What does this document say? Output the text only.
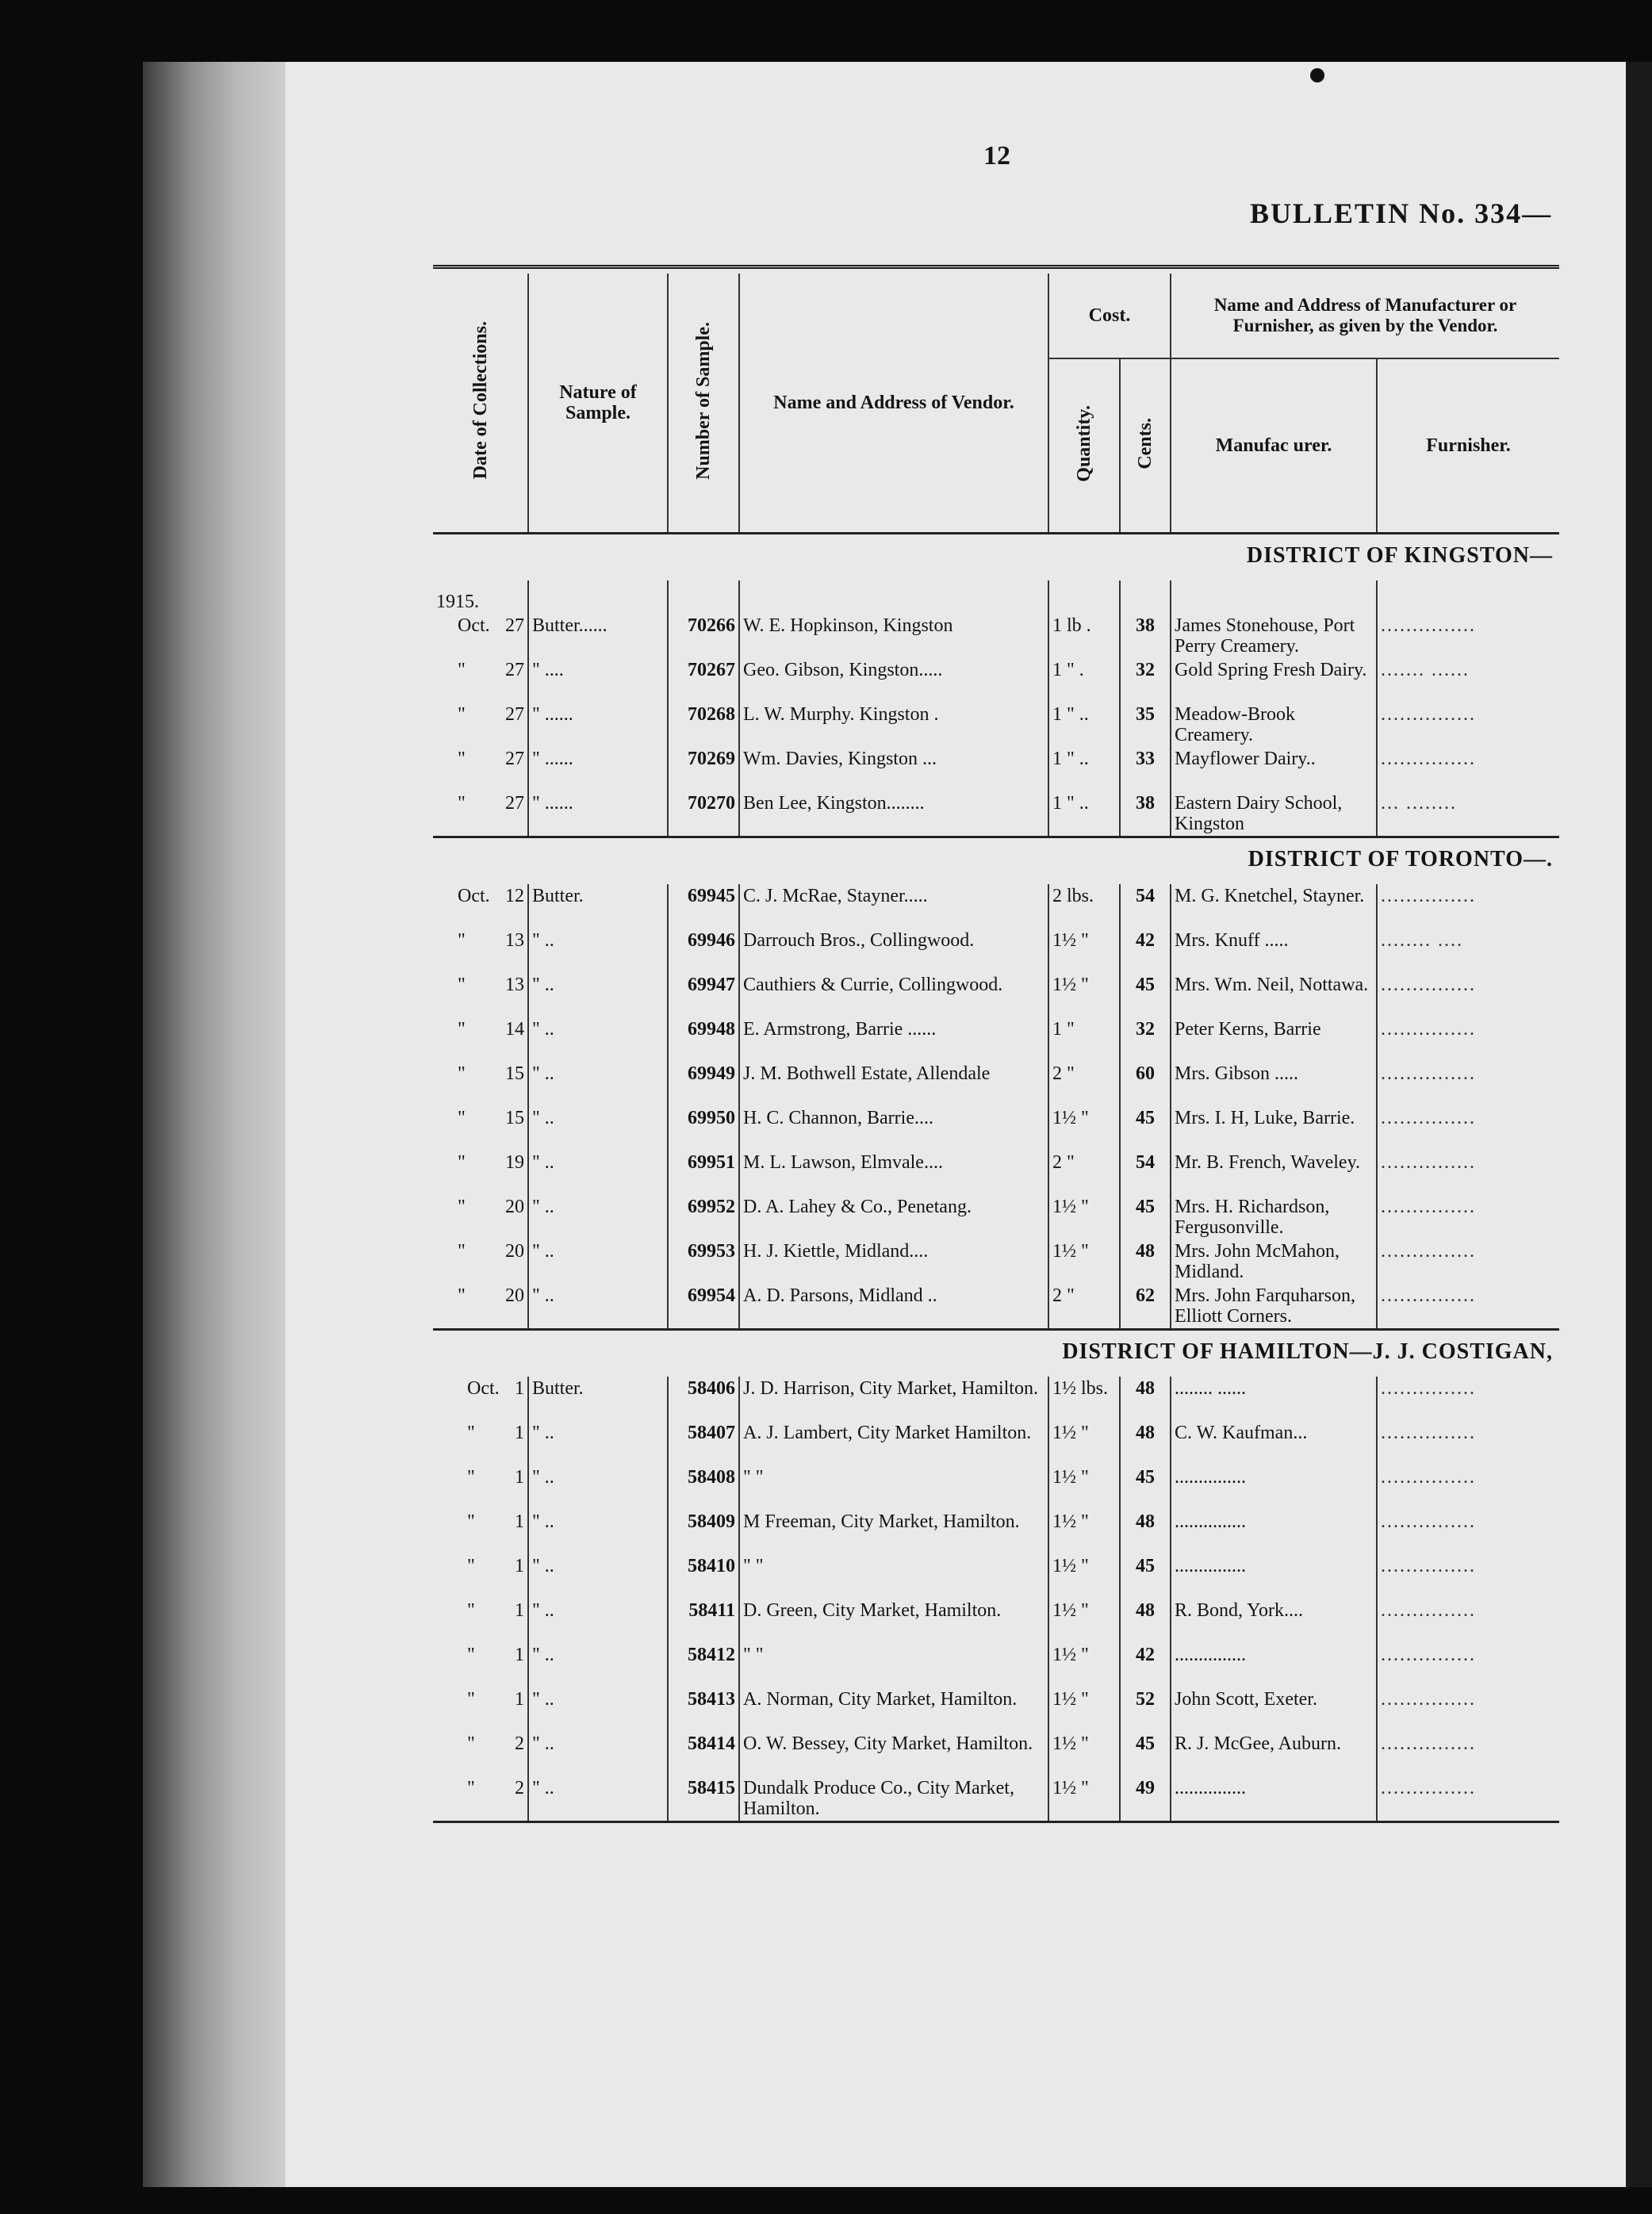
12
BULLETIN No. 334—

Date of Collections.	Nature of Sample.	Number of Sample.	Name and Address of Vendor.	Cost.		Name and Address of Manufacturer or Furnisher, as given by the Vendor.	
				Quantity.	Cents.	Manufac urer.	Furnisher.
DISTRICT OF KINGSTON—							
1915.							
Oct. 27	Butter......	70266	W. E. Hopkinson, Kingston	1 lb .	38	James Stonehouse, Port Perry Creamery.	...............
" 27	" ....	70267	Geo. Gibson, Kingston.....	1 " .	32	Gold Spring Fresh Dairy.	....... ......
" 27	" ......	70268	L. W. Murphy. Kingston .	1 " ..	35	Meadow-Brook Creamery.	...............
" 27	" ......	70269	Wm. Davies, Kingston ...	1 " ..	33	Mayflower Dairy..	...............
" 27	" ......	70270	Ben Lee, Kingston........	1 " ..	38	Eastern Dairy School, Kingston	... ........
DISTRICT OF TORONTO—.							
Oct. 12	Butter.	69945	C. J. McRae, Stayner.....	2 lbs.	54	M. G. Knetchel, Stayner.	...............
" 13	" ..	69946	Darrouch Bros., Collingwood.	1½ "	42	Mrs. Knuff .....	........ ....
" 13	" ..	69947	Cauthiers & Currie, Collingwood.	1½ "	45	Mrs. Wm. Neil, Nottawa.	...............
" 14	" ..	69948	E. Armstrong, Barrie ......	1 "	32	Peter Kerns, Barrie	...............
" 15	" ..	69949	J. M. Bothwell Estate, Allendale	2 "	60	Mrs. Gibson .....	...............
" 15	" ..	69950	H. C. Channon, Barrie....	1½ "	45	Mrs. I. H, Luke, Barrie.	...............
" 19	" ..	69951	M. L. Lawson, Elmvale....	2 "	54	Mr. B. French, Waveley.	...............
" 20	" ..	69952	D. A. Lahey & Co., Penetang.	1½ "	45	Mrs. H. Richardson, Fergusonville.	...............
" 20	" ..	69953	H. J. Kiettle, Midland....	1½ "	48	Mrs. John McMahon, Midland.	...............
" 20	" ..	69954	A. D. Parsons, Midland ..	2 "	62	Mrs. John Farquharson, Elliott Corners.	...............
DISTRICT OF HAMILTON—J. J. COSTIGAN,							
Oct. 1	Butter.	58406	J. D. Harrison, City Market, Hamilton.	1½ lbs.	48	........ ......	...............
" 1	" ..	58407	A. J. Lambert, City Market Hamilton.	1½ "	48	C. W. Kaufman...	...............
" 1	" ..	58408	" "	1½ "	45	...............	...............
" 1	" ..	58409	M Freeman, City Market, Hamilton.	1½ "	48	...............	...............
" 1	" ..	58410	" "	1½ "	45	...............	...............
" 1	" ..	58411	D. Green, City Market, Hamilton.	1½ "	48	R. Bond, York....	...............
" 1	" ..	58412	" "	1½ "	42	...............	...............
" 1	" ..	58413	A. Norman, City Market, Hamilton.	1½ "	52	John Scott, Exeter.	...............
" 2	" ..	58414	O. W. Bessey, City Market, Hamilton.	1½ "	45	R. J. McGee, Auburn.	...............
" 2	" ..	58415	Dundalk Produce Co., City Market, Hamilton.	1½ "	49	...............	...............
